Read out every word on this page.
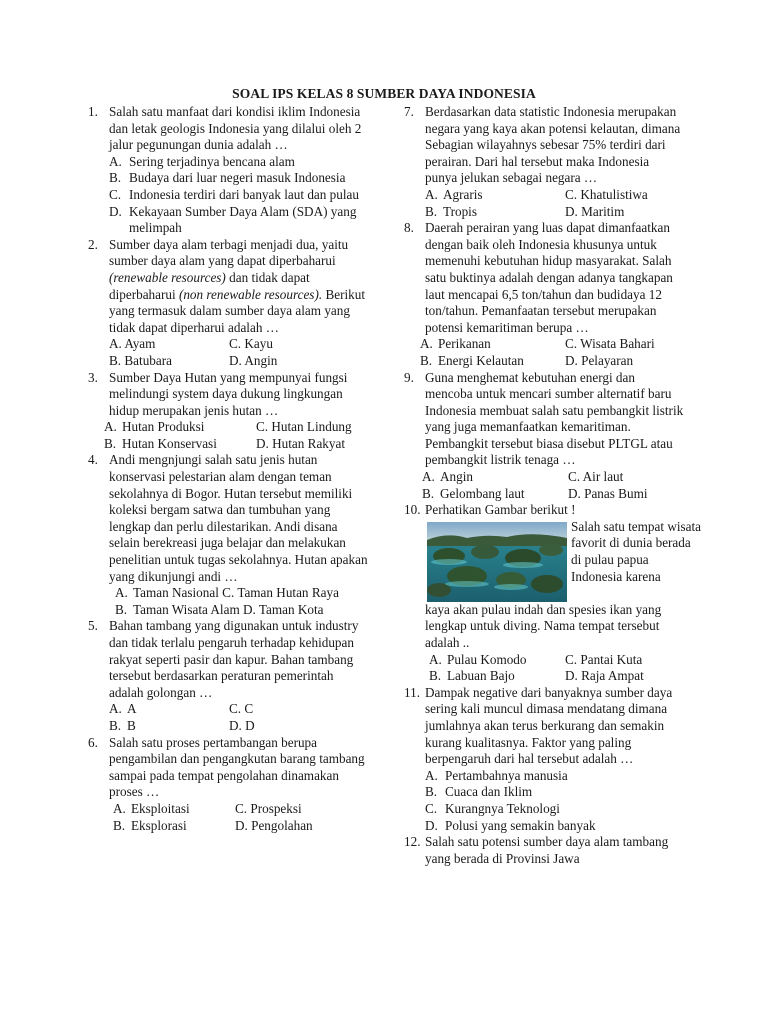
SOAL IPS KELAS 8 SUMBER DAYA INDONESIA
1. Salah satu manfaat dari kondisi iklim Indonesia dan letak geologis Indonesia yang dilalui oleh 2 jalur pegunungan dunia adalah …
A. Sering terjadinya bencana alam
B. Budaya dari luar negeri masuk Indonesia
C. Indonesia terdiri dari banyak laut dan pulau
D. Kekayaan Sumber Daya Alam (SDA) yang melimpah
2. Sumber daya alam terbagi menjadi dua, yaitu sumber daya alam yang dapat diperbaharui (renewable resources) dan tidak dapat diperbaharui (non renewable resources). Berikut yang termasuk dalam sumber daya alam yang tidak dapat diperharui adalah …
A. Ayam	C. Kayu
B. Batubara	D. Angin
3. Sumber Daya Hutan yang mempunyai fungsi melindungi system daya dukung lingkungan hidup merupakan jenis hutan …
A. Hutan Produksi	C. Hutan Lindung
B. Hutan Konservasi	D. Hutan Rakyat
4. Andi mengnjungi salah satu jenis hutan konservasi pelestarian alam dengan teman sekolahnya di Bogor. Hutan tersebut memiliki koleksi bergam satwa dan tumbuhan yang lengkap dan perlu dilestarikan. Andi disana selain berekreasi juga belajar dan melakukan penelitian untuk tugas sekolahnya. Hutan apakan yang dikunjungi andi …
A. Taman Nasional C. Taman Hutan Raya
B. Taman Wisata Alam D. Taman Kota
5. Bahan tambang yang digunakan untuk industry dan tidak terlalu pengaruh terhadap kehidupan rakyat seperti pasir dan kapur. Bahan tambang tersebut berdasarkan peraturan pemerintah adalah golongan …
A. A	C. C
B. B	D. D
6. Salah satu proses pertambangan berupa pengambilan dan pengangkutan barang tambang sampai pada tempat pengolahan dinamakan proses …
A. Eksploitasi	C. Prospeksi
B. Eksplorasi	D. Pengolahan
7. Berdasarkan data statistic Indonesia merupakan negara yang kaya akan potensi kelautan, dimana Sebagian wilayahnys sebesar 75% terdiri dari perairan. Dari hal tersebut maka Indonesia punya jelukan sebagai negara …
A. Agraris	C. Khatulistiwa
B. Tropis	D. Maritim
8. Daerah perairan yang luas dapat dimanfaatkan dengan baik oleh Indonesia khusunya untuk memenuhi kebutuhan hidup masyarakat. Salah satu buktinya adalah dengan adanya tangkapan laut mencapai 6,5 ton/tahun dan budidaya 12 ton/tahun. Pemanfaatan tersebut merupakan potensi kemaritiman berupa …
A. Perikanan	C. Wisata Bahari
B. Energi Kelautan	D. Pelayaran
9. Guna menghemat kebutuhan energi dan mencoba untuk mencari sumber alternatif baru Indonesia membuat salah satu pembangkit listrik yang juga memanfaatkan kemaritiman. Pembangkit tersebut biasa disebut PLTGL atau pembangkit listrik tenaga …
A. Angin	C. Air laut
B. Gelombang laut	D. Panas Bumi
10. Perhatikan Gambar berikut !
Salah satu tempat wisata favorit di dunia berada di pulau papua Indonesia karena
kaya akan pulau indah dan spesies ikan yang lengkap untuk diving. Nama tempat tersebut adalah ..
A. Pulau Komodo	C. Pantai Kuta
B. Labuan Bajo	D. Raja Ampat
11. Dampak negative dari banyaknya sumber daya sering kali muncul dimasa mendatang dimana jumlahnya akan terus berkurang dan semakin kurang kualitasnya. Faktor yang paling berpengaruh dari hal tersebut adalah …
A. Pertambahnya manusia
B. Cuaca dan Iklim
C. Kurangnya Teknologi
D. Polusi yang semakin banyak
12. Salah satu potensi sumber daya alam tambang yang berada di Provinsi Jawa
